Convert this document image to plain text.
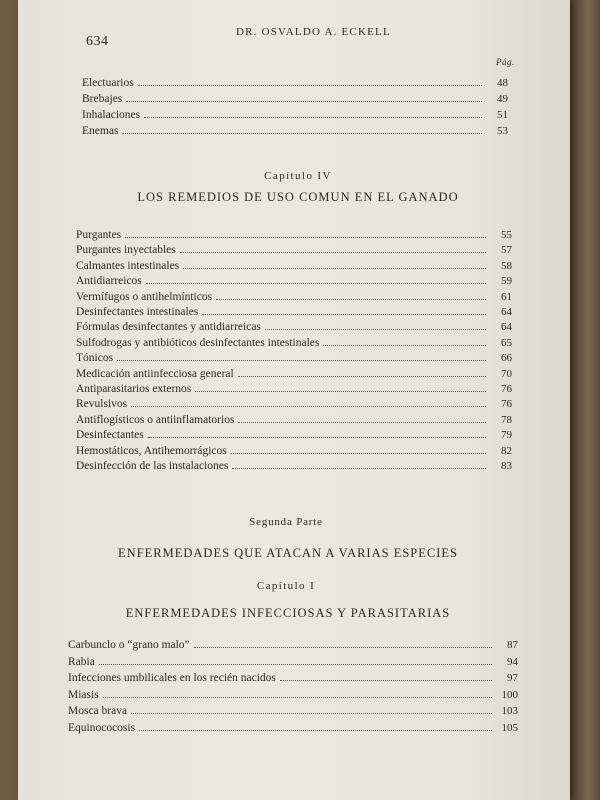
634
DR. OSVALDO A. ECKELL
Pág.
Electuarios	48
Brebajes	49
Inhalaciones	51
Enemas	53
Capítulo IV
LOS REMEDIOS DE USO COMUN EN EL GANADO
Purgantes	55
Purgantes inyectables	57
Calmantes intestinales	58
Antidiarreicos	59
Vermífugos o antihelmínticos	61
Desinfectantes intestinales	64
Fórmulas desinfectantes y antidiarreicas	64
Sulfodrogas y antibióticos desinfectantes intestinales	65
Tónicos	66
Medicación antiinfecciosa general	70
Antiparasitarios externos	76
Revulsivos	76
Antiflogísticos o antiinflamatorios	78
Desinfectantes	79
Hemostáticos, Antihemorrágicos	82
Desinfección de las instalaciones	83
Segunda Parte
ENFERMEDADES QUE ATACAN A VARIAS ESPECIES
Capítulo I
ENFERMEDADES INFECCIOSAS Y PARASITARIAS
Carbunclo o “grano malo”	87
Rabia	94
Infecciones umbilicales en los recién nacidos	97
Miasis	100
Mosca brava	103
Equinococosis	105
